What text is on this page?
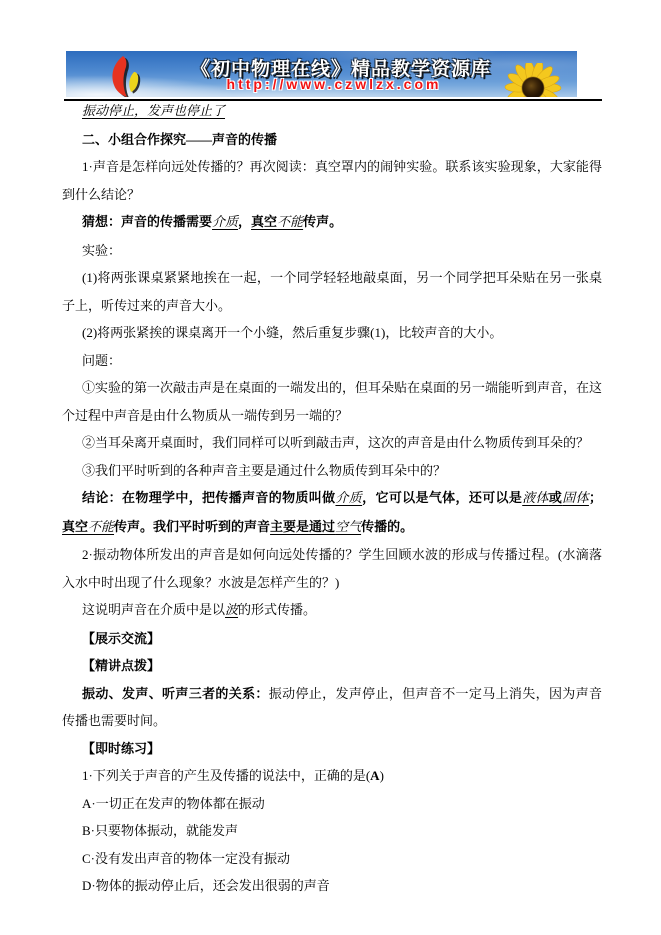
《初中物理在线》精品教学资源库
http://www.czwlzx.com

振动停止，发声也停止了

二、小组合作探究——声音的传播

1·声音是怎样向远处传播的？再次阅读：真空罩内的闹钟实验。联系该实验现象，大家能得到什么结论？

猜想：声音的传播需要介质，真空不能传声。

实验：

(1)将两张课桌紧紧地挨在一起，一个同学轻轻地敲桌面，另一个同学把耳朵贴在另一张桌子上，听传过来的声音大小。

(2)将两张紧挨的课桌离开一个小缝，然后重复步骤(1)，比较声音的大小。

问题：

①实验的第一次敲击声是在桌面的一端发出的，但耳朵贴在桌面的另一端能听到声音，在这个过程中声音是由什么物质从一端传到另一端的？

②当耳朵离开桌面时，我们同样可以听到敲击声，这次的声音是由什么物质传到耳朵的？

③我们平时听到的各种声音主要是通过什么物质传到耳朵中的？

结论：在物理学中，把传播声音的物质叫做介质，它可以是气体，还可以是液体或固体；真空不能传声。我们平时听到的声音主要是通过空气传播的。

2·振动物体所发出的声音是如何向远处传播的？学生回顾水波的形成与传播过程。(水滴落入水中时出现了什么现象？水波是怎样产生的？)

这说明声音在介质中是以波的形式传播。

【展示交流】

【精讲点拨】

振动、发声、听声三者的关系：振动停止，发声停止，但声音不一定马上消失，因为声音传播也需要时间。

【即时练习】

1·下列关于声音的产生及传播的说法中，正确的是(A)

A·一切正在发声的物体都在振动

B·只要物体振动，就能发声

C·没有发出声音的物体一定没有振动

D·物体的振动停止后，还会发出很弱的声音
